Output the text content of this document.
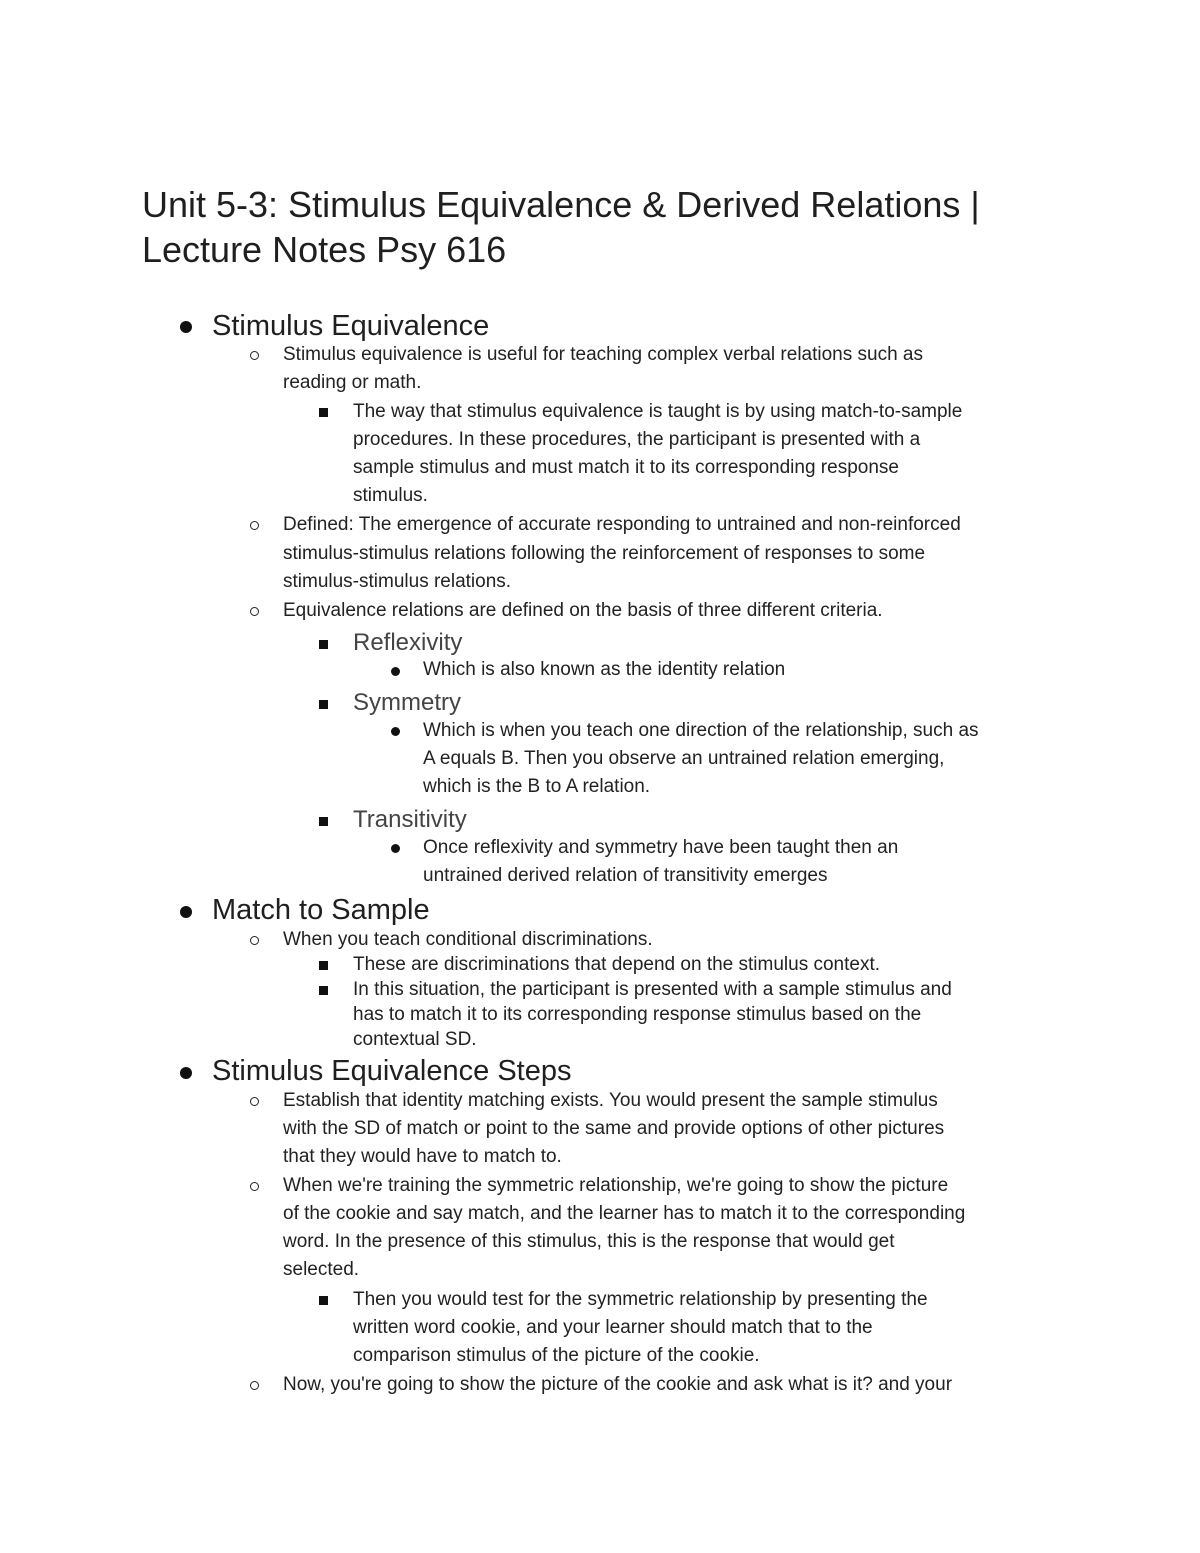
Unit 5-3: Stimulus Equivalence & Derived Relations | Lecture Notes Psy 616
Stimulus Equivalence
Stimulus equivalence is useful for teaching complex verbal relations such as
reading or math.
The way that stimulus equivalence is taught is by using match-to-sample
procedures. In these procedures, the participant is presented with a
sample stimulus and must match it to its corresponding response
stimulus.
Defined: The emergence of accurate responding to untrained and non-reinforced
stimulus-stimulus relations following the reinforcement of responses to some
stimulus-stimulus relations.
Equivalence relations are defined on the basis of three different criteria.
Reflexivity
Which is also known as the identity relation
Symmetry
Which is when you teach one direction of the relationship, such as
A equals B. Then you observe an untrained relation emerging,
which is the B to A relation.
Transitivity
Once reflexivity and symmetry have been taught then an
untrained derived relation of transitivity emerges
Match to Sample
When you teach conditional discriminations.
These are discriminations that depend on the stimulus context.
In this situation, the participant is presented with a sample stimulus and
has to match it to its corresponding response stimulus based on the
contextual SD.
Stimulus Equivalence Steps
Establish that identity matching exists. You would present the sample stimulus
with the SD of match or point to the same and provide options of other pictures
that they would have to match to.
When we're training the symmetric relationship, we're going to show the picture
of the cookie and say match, and the learner has to match it to the corresponding
word. In the presence of this stimulus, this is the response that would get
selected.
Then you would test for the symmetric relationship by presenting the
written word cookie, and your learner should match that to the
comparison stimulus of the picture of the cookie.
Now, you're going to show the picture of the cookie and ask what is it? and your
